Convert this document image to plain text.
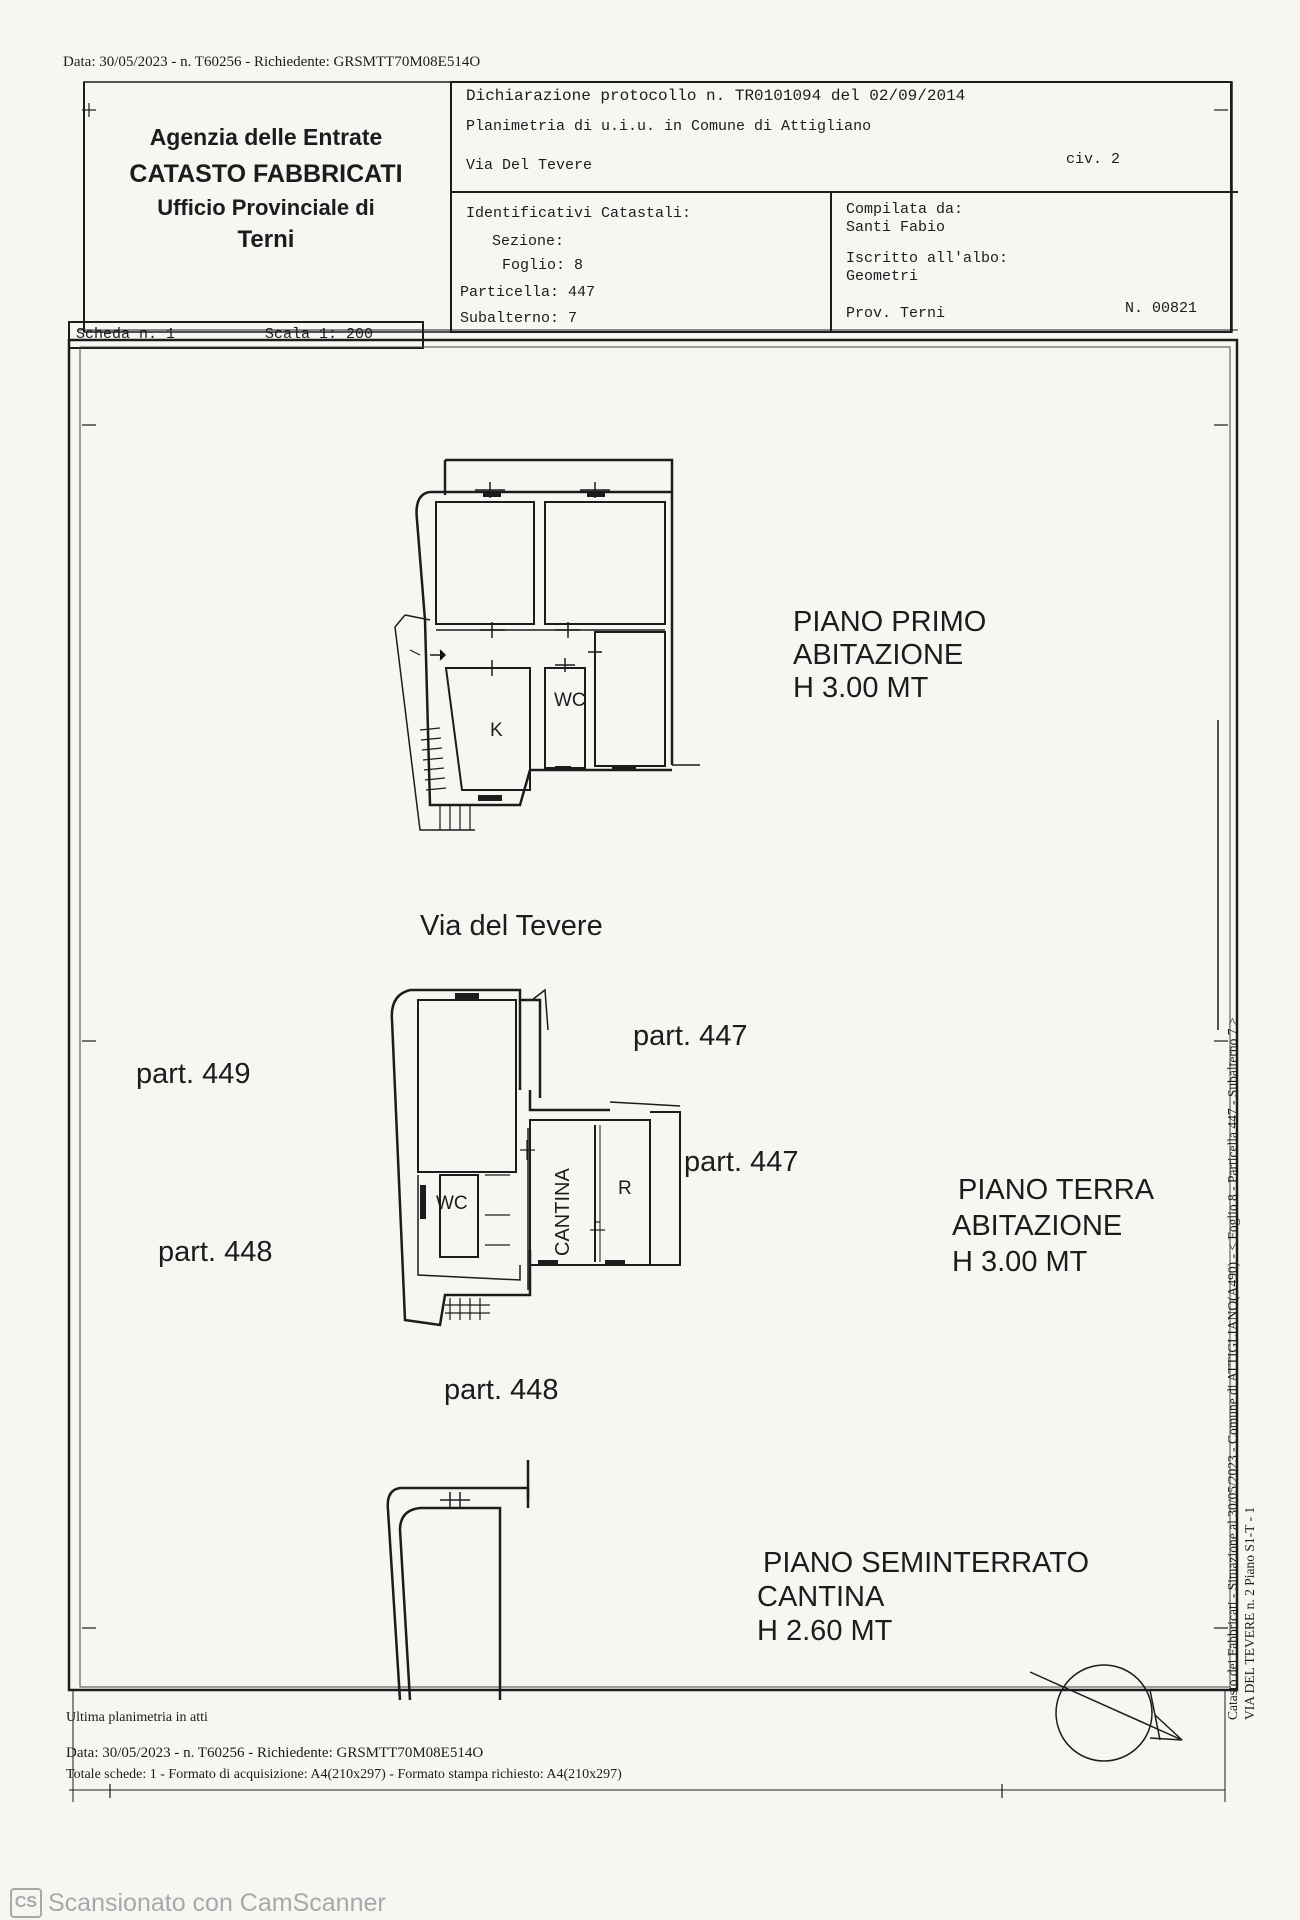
Data: 30/05/2023 - n. T60256 - Richiedente: GRSMTT70M08E514O
Agenzia delle Entrate
CATASTO FABBRICATI
Ufficio Provinciale di
Terni
Dichiarazione protocollo n. TR0101094 del 02/09/2014
Planimetria di u.i.u. in Comune di Attigliano
Via Del Tevere	civ. 2
Identificativi Catastali:
Sezione:
Foglio: 8
Particella: 447
Subalterno: 7
Compilata da:
Santi Fabio
Iscritto all'albo:
Geometri
Prov. Terni	N. 00821
Scheda n. 1	Scala 1: 200
PIANO PRIMO
ABITAZIONE
H 3.00 MT
Via del Tevere
part. 447
part. 449
part. 447
part. 448
part. 448
PIANO TERRA
ABITAZIONE
H 3.00 MT
PIANO SEMINTERRATO
CANTINA
H 2.60 MT
WC
K
WC	CANTINA R	Catasto dei Fabbricati - Situazione al 30/05/2023 - Comune di ATTIGLIANO(A490) - < Foglio 8 - Particella 447 - Subalterno 7 > VIA DEL TEVERE n. 2 Piano S1-T - 1
Ultima planimetria in atti
Data: 30/05/2023 - n. T60256 - Richiedente: GRSMTT70M08E514O
Totale schede: 1 - Formato di acquisizione: A4(210x297) - Formato stampa richiesto: A4(210x297)
CS Scansionato con CamScanner
